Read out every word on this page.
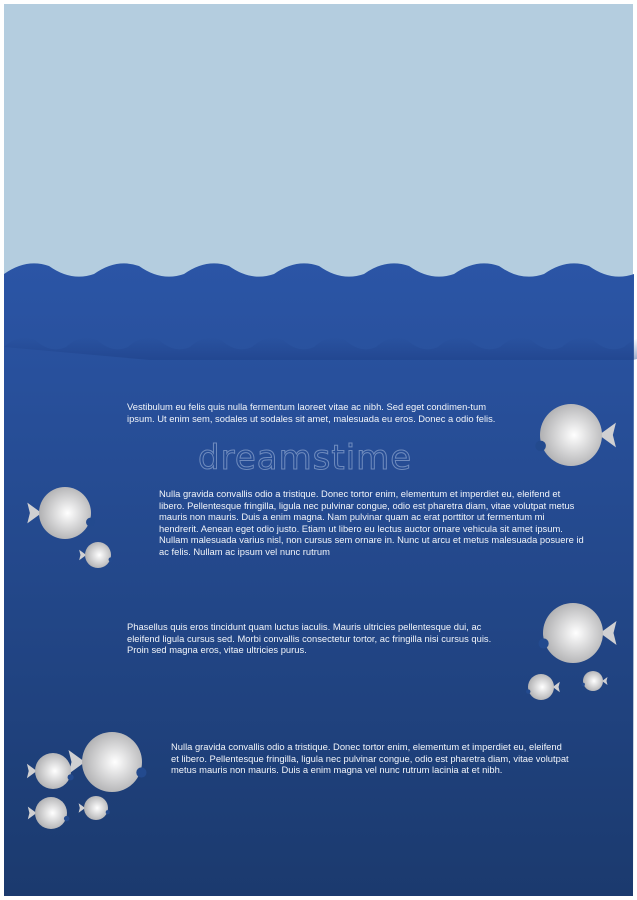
dreamstime

Vestibulum eu felis quis nulla fermentum laoreet vitae ac nibh. Sed eget condimen-tum ipsum. Ut enim sem, sodales ut sodales sit amet, malesuada eu eros. Donec a odio felis.

Nulla gravida convallis odio a tristique. Donec tortor enim, elementum et imperdiet eu, eleifend et libero. Pellentesque fringilla, ligula nec pulvinar congue, odio est pharetra diam, vitae volutpat metus mauris non mauris. Duis a enim magna. Nam pulvinar quam ac erat porttitor ut fermentum mi hendrerit. Aenean eget odio justo. Etiam ut libero eu lectus auctor ornare vehicula sit amet ipsum. Nullam malesuada varius nisl, non cursus sem ornare in. Nunc ut arcu et metus malesuada posuere id ac felis. Nullam ac ipsum vel nunc rutrum

Phasellus quis eros tincidunt quam luctus iaculis. Mauris ultricies pellentesque dui, ac eleifend ligula cursus sed. Morbi convallis consectetur tortor, ac fringilla nisi cursus quis. Proin sed magna eros, vitae ultricies purus.

Nulla gravida convallis odio a tristique. Donec tortor enim, elementum et imperdiet eu, eleifend et libero. Pellentesque fringilla, ligula nec pulvinar congue, odio est pharetra diam, vitae volutpat metus mauris non mauris. Duis a enim magna vel nunc rutrum lacinia at et nibh.
